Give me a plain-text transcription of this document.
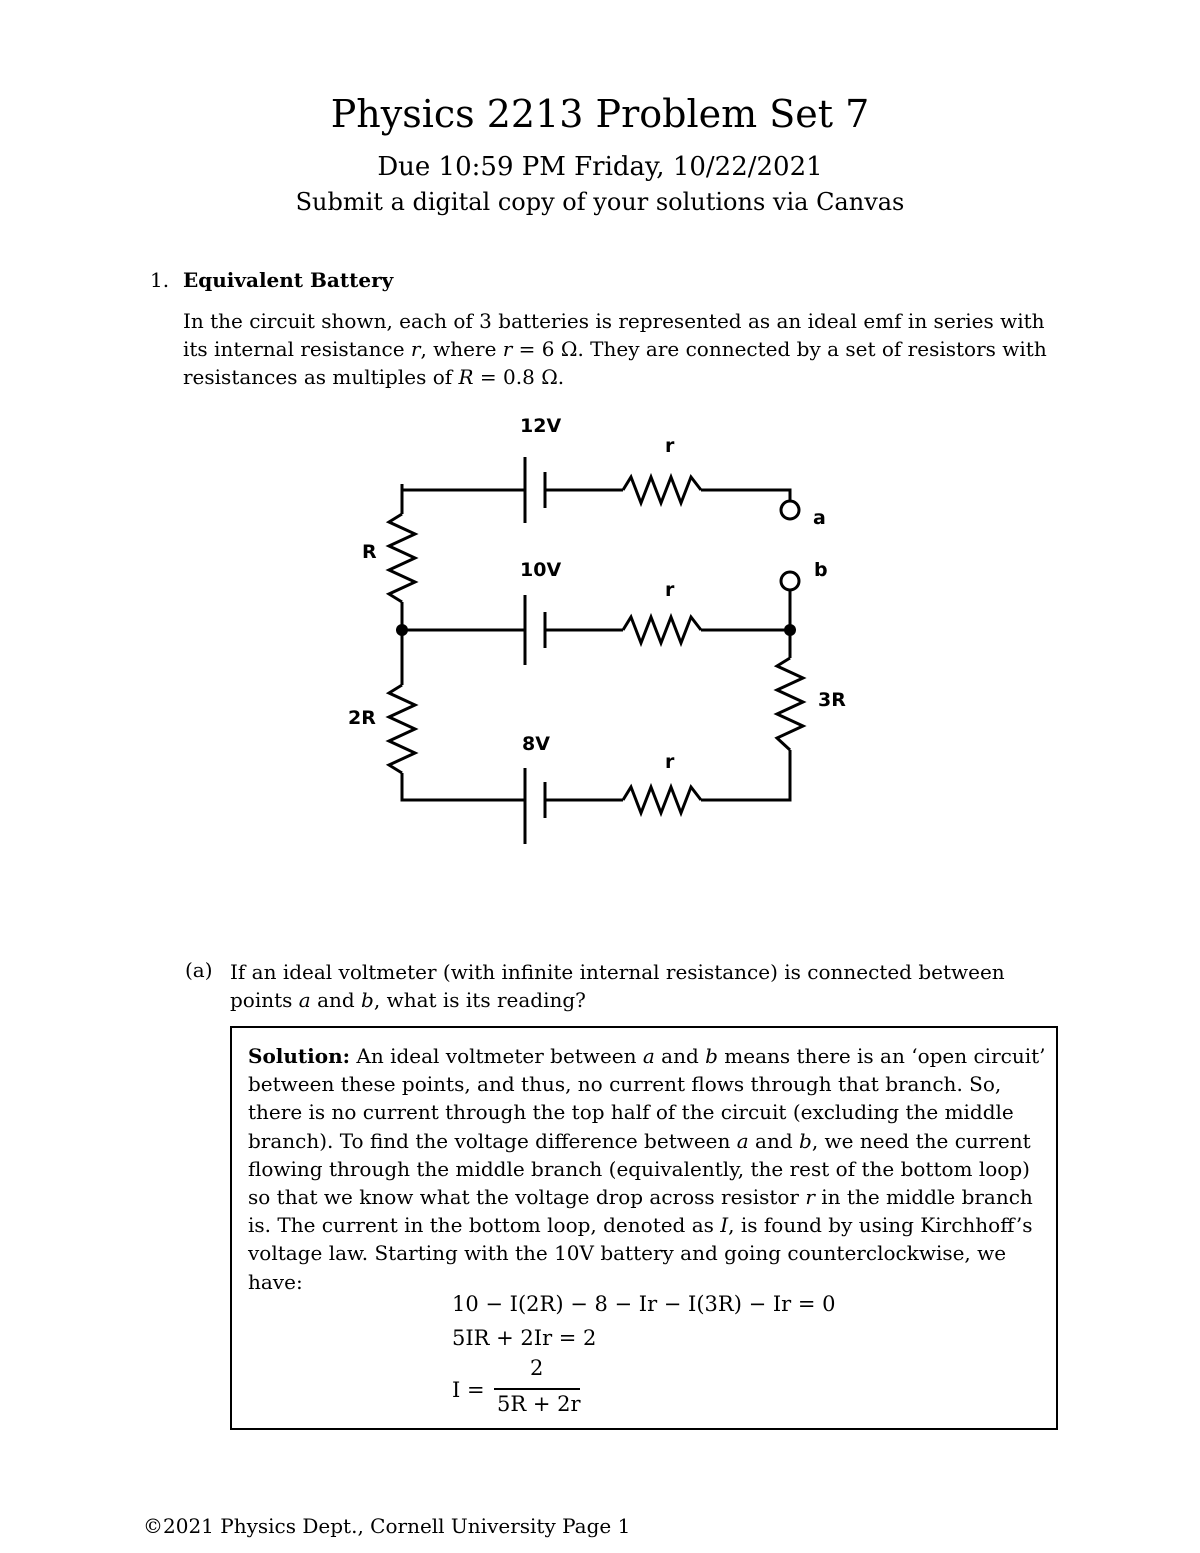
Physics 2213 Problem Set 7
Due 10:59 PM Friday, 10/22/2021
Submit a digital copy of your solutions via Canvas
1. Equivalent Battery

In the circuit shown, each of 3 batteries is represented as an ideal emf in series with its internal resistance r, where r = 6 Ω. They are connected by a set of resistors with resistances as multiples of R = 0.8 Ω.

12V
r
a
R
10V	b
r
3R
2R
8V
r
(a) If an ideal voltmeter (with infinite internal resistance) is connected between points a and b, what is its reading?

Solution: An ideal voltmeter between a and b means there is an ‘open circuit’ between these points, and thus, no current flows through that branch. So, there is no current through the top half of the circuit (excluding the middle branch). To find the voltage difference between a and b, we need the current flowing through the middle branch (equivalently, the rest of the bottom loop) so that we know what the voltage drop across resistor r in the middle branch is. The current in the bottom loop, denoted as I, is found by using Kirchhoff’s voltage law. Starting with the 10V battery and going counterclockwise, we have:

10 − I(2R) − 8 − Ir − I(3R) − Ir = 0
5IR + 2Ir = 2
I =
2
5R + 2r
©2021 Physics Dept., Cornell University Page 1
